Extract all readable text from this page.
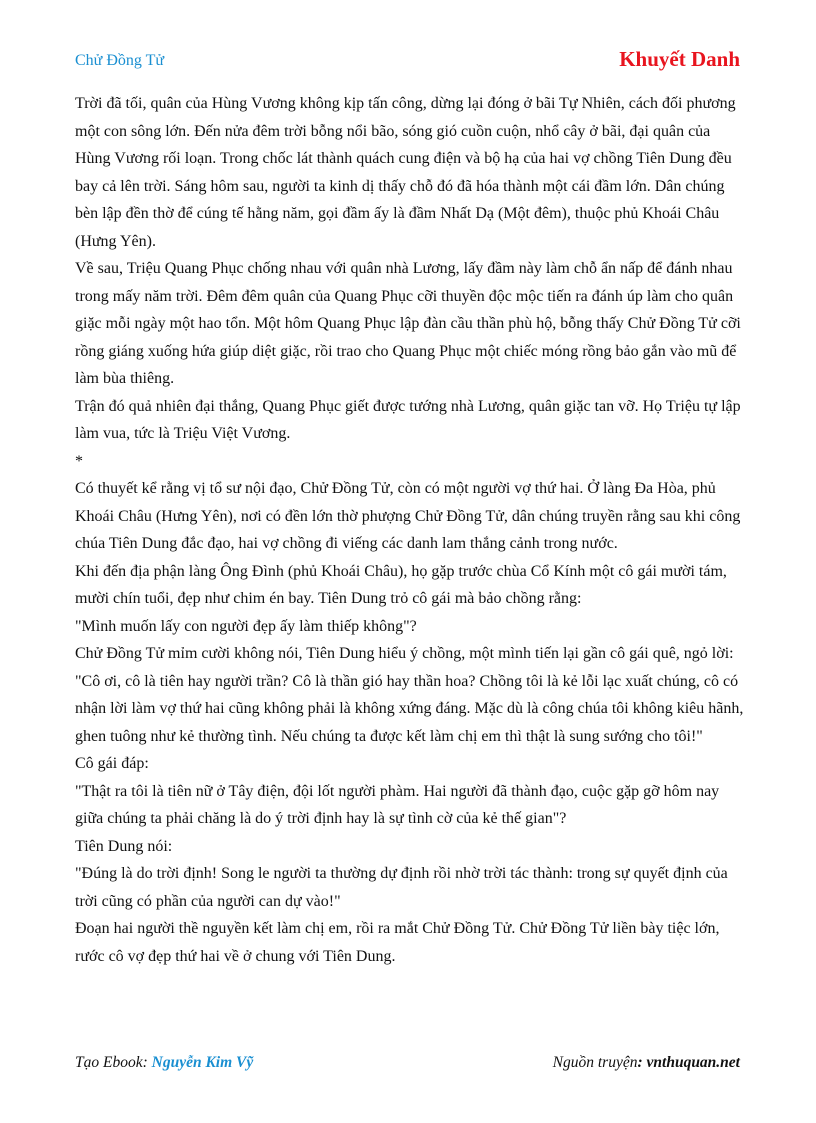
Chử Đồng Tử	Khuyết Danh

Trời đã tối, quân của Hùng Vương không kịp tấn công, dừng lại đóng ở bãi Tự Nhiên, cách đối phương một con sông lớn. Đến nửa đêm trời bỗng nổi bão, sóng gió cuồn cuộn, nhổ cây ở bãi, đại quân của Hùng Vương rối loạn. Trong chốc lát thành quách cung điện và bộ hạ của hai vợ chồng Tiên Dung đều bay cả lên trời. Sáng hôm sau, người ta kinh dị thấy chỗ đó đã hóa thành một cái đầm lớn. Dân chúng bèn lập đền thờ để cúng tế hằng năm, gọi đầm ấy là đầm Nhất Dạ (Một đêm), thuộc phủ Khoái Châu (Hưng Yên).

Về sau, Triệu Quang Phục chống nhau với quân nhà Lương, lấy đầm này làm chỗ ẩn nấp để đánh nhau trong mấy năm trời. Đêm đêm quân của Quang Phục cỡi thuyền độc mộc tiến ra đánh úp làm cho quân giặc mỗi ngày một hao tổn. Một hôm Quang Phục lập đàn cầu thần phù hộ, bỗng thấy Chử Đồng Tử cỡi rồng giáng xuống hứa giúp diệt giặc, rồi trao cho Quang Phục một chiếc móng rồng bảo gắn vào mũ để làm bùa thiêng.

Trận đó quả nhiên đại thắng, Quang Phục giết được tướng nhà Lương, quân giặc tan vỡ. Họ Triệu tự lập làm vua, tức là Triệu Việt Vương.

*

Có thuyết kể rằng vị tổ sư nội đạo, Chử Đồng Tử, còn có một người vợ thứ hai. Ở làng Đa Hòa, phủ Khoái Châu (Hưng Yên), nơi có đền lớn thờ phượng Chử Đồng Tử, dân chúng truyền rằng sau khi công chúa Tiên Dung đắc đạo, hai vợ chồng đi viếng các danh lam thắng cảnh trong nước.

Khi đến địa phận làng Ông Đình (phủ Khoái Châu), họ gặp trước chùa Cổ Kính một cô gái mười tám, mười chín tuổi, đẹp như chim én bay. Tiên Dung trỏ cô gái mà bảo chồng rằng:

"Mình muốn lấy con người đẹp ấy làm thiếp không"?

Chử Đồng Tử mỉm cười không nói, Tiên Dung hiểu ý chồng, một mình tiến lại gần cô gái quê, ngỏ lời:

"Cô ơi, cô là tiên hay người trần? Cô là thần gió hay thần hoa? Chồng tôi là kẻ lỗi lạc xuất chúng, cô có nhận lời làm vợ thứ hai cũng không phải là không xứng đáng. Mặc dù là công chúa tôi không kiêu hãnh, ghen tuông như kẻ thường tình. Nếu chúng ta được kết làm chị em thì thật là sung sướng cho tôi!"

Cô gái đáp:

"Thật ra tôi là tiên nữ ở Tây điện, đội lốt người phàm. Hai người đã thành đạo, cuộc gặp gỡ hôm nay giữa chúng ta phải chăng là do ý trời định hay là sự tình cờ của kẻ thế gian"?

Tiên Dung nói:

"Đúng là do trời định! Song le người ta thường dự định rồi nhờ trời tác thành: trong sự quyết định của trời cũng có phần của người can dự vào!"

Đoạn hai người thề nguyền kết làm chị em, rồi ra mắt Chử Đồng Tử. Chử Đồng Tử liền bày tiệc lớn, rước cô vợ đẹp thứ hai về ở chung với Tiên Dung.

Tạo Ebook: Nguyễn Kim Vỹ	Nguồn truyện: vnthuquan.net
